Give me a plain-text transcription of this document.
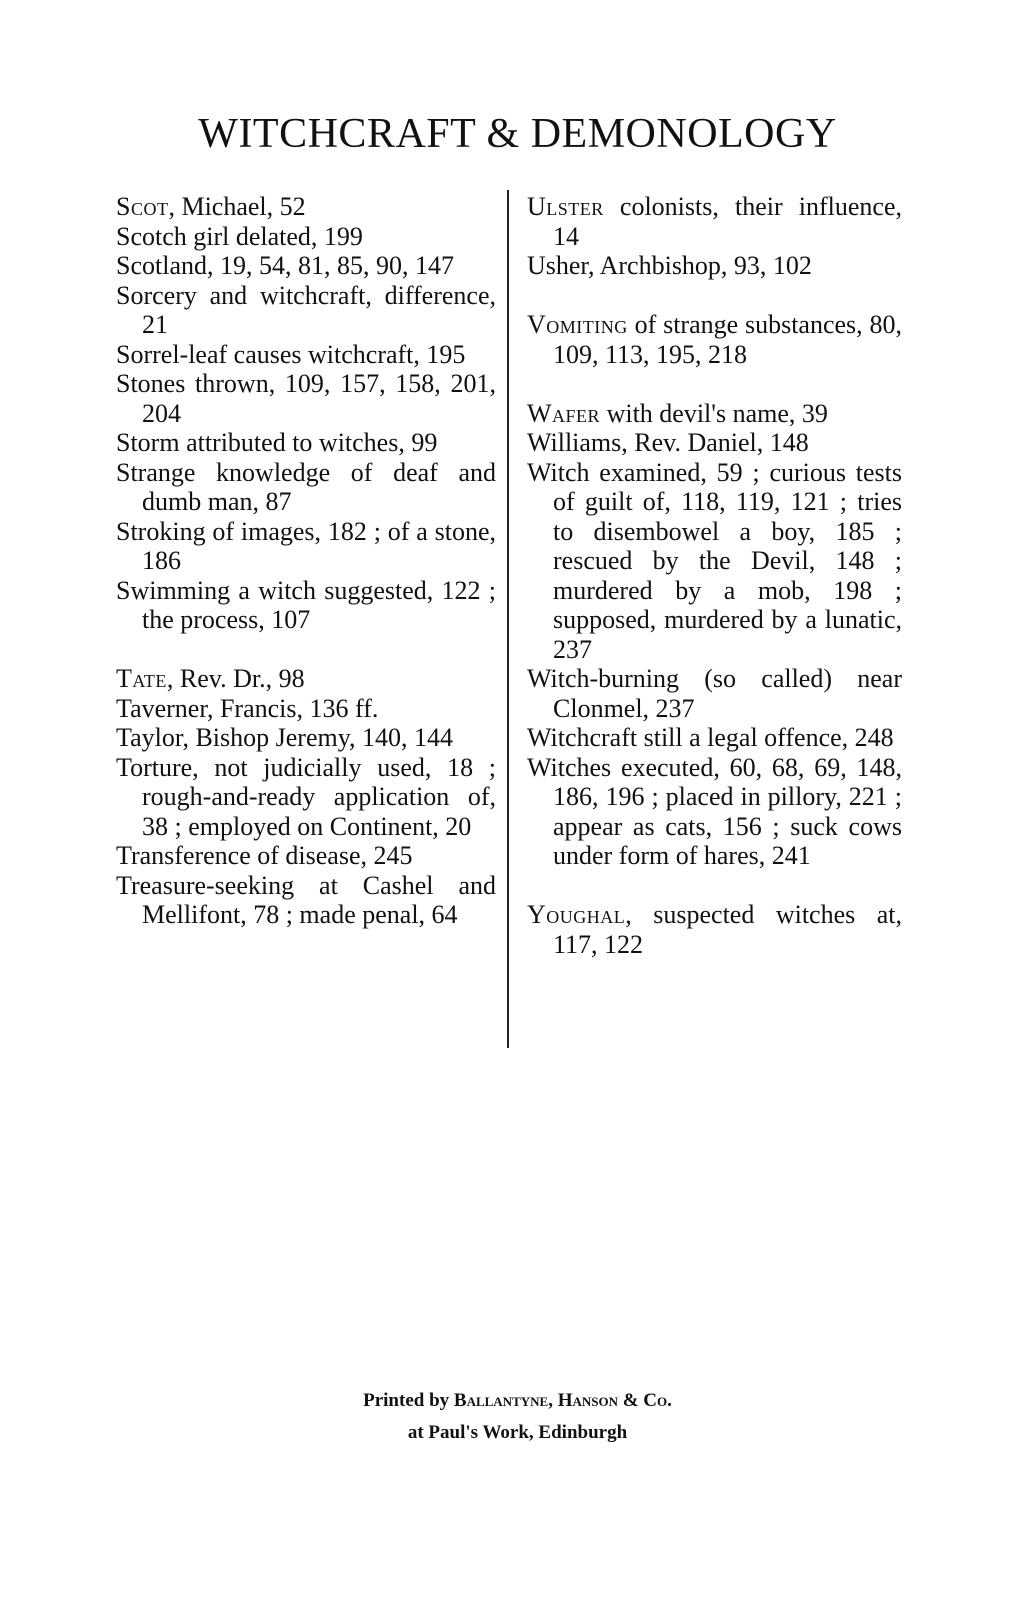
WITCHCRAFT & DEMONOLOGY
Scot, Michael, 52
Scotch girl delated, 199
Scotland, 19, 54, 81, 85, 90, 147
Sorcery and witchcraft, difference, 21
Sorrel-leaf causes witchcraft, 195
Stones thrown, 109, 157, 158, 201, 204
Storm attributed to witches, 99
Strange knowledge of deaf and dumb man, 87
Stroking of images, 182 ; of a stone, 186
Swimming a witch suggested, 122 ; the process, 107
Tate, Rev. Dr., 98
Taverner, Francis, 136 ff.
Taylor, Bishop Jeremy, 140, 144
Torture, not judicially used, 18 ; rough-and-ready application of, 38 ; employed on Continent, 20
Transference of disease, 245
Treasure-seeking at Cashel and Mellifont, 78 ; made penal, 64
Ulster colonists, their influence, 14
Usher, Archbishop, 93, 102
Vomiting of strange substances, 80, 109, 113, 195, 218
Wafer with devil's name, 39
Williams, Rev. Daniel, 148
Witch examined, 59 ; curious tests of guilt of, 118, 119, 121 ; tries to disembowel a boy, 185 ; rescued by the Devil, 148 ; murdered by a mob, 198 ; supposed, murdered by a lunatic, 237
Witch-burning (so called) near Clonmel, 237
Witchcraft still a legal offence, 248
Witches executed, 60, 68, 69, 148, 186, 196 ; placed in pillory, 221 ; appear as cats, 156 ; suck cows under form of hares, 241
Youghal, suspected witches at, 117, 122
Printed by Ballantyne, Hanson & Co.
at Paul's Work, Edinburgh
